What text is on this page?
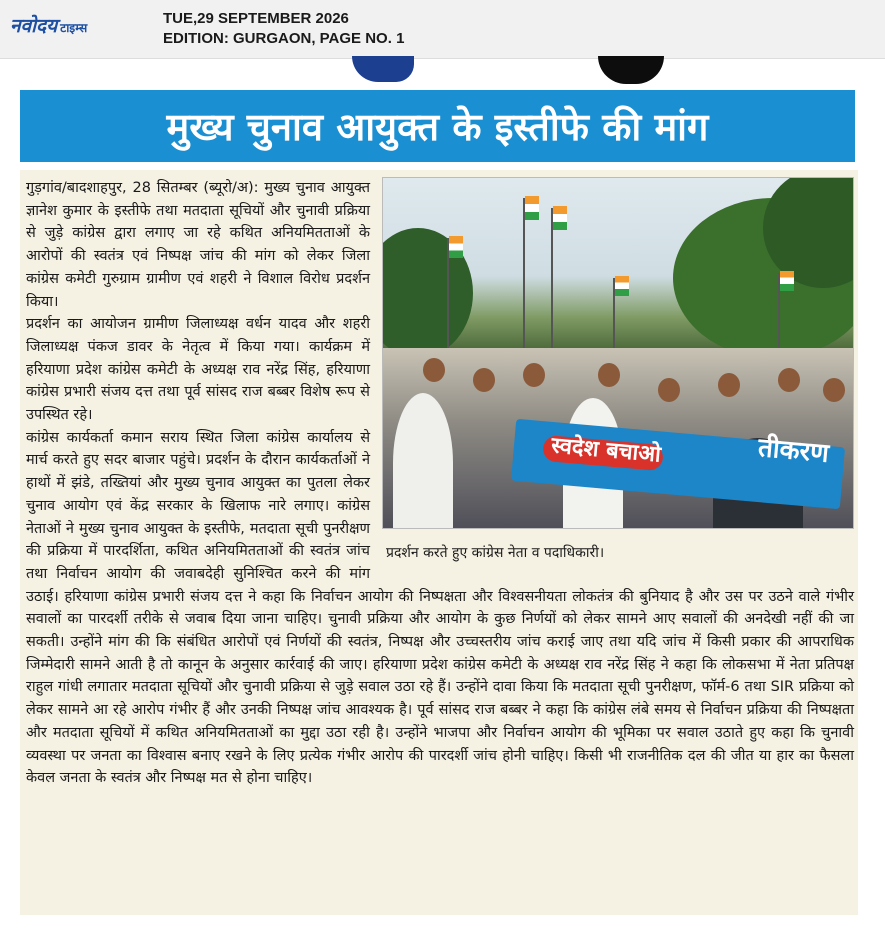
नवोदय टाइम्स
TUE,29 SEPTEMBER 2026
EDITION: GURGAON, PAGE NO. 1
मुख्य चुनाव आयुक्त के इस्तीफे की मांग
स्वदेश बचाओ	तीकरण
प्रदर्शन करते हुए कांग्रेस नेता व पदाधिकारी।

गुड़गांव/बादशाहपुर, 28 सितम्बर (ब्यूरो/अ): मुख्य चुनाव आयुक्त ज्ञानेश कुमार के इस्तीफे तथा मतदाता सूचियों और चुनावी प्रक्रिया से जुड़े कांग्रेस द्वारा लगाए जा रहे कथित अनियमितताओं के आरोपों की स्वतंत्र एवं निष्पक्ष जांच की मांग को लेकर जिला कांग्रेस कमेटी गुरुग्राम ग्रामीण एवं शहरी ने विशाल विरोध प्रदर्शन किया।

प्रदर्शन का आयोजन ग्रामीण जिलाध्यक्ष वर्धन यादव और शहरी जिलाध्यक्ष पंकज डावर के नेतृत्व में किया गया। कार्यक्रम में हरियाणा प्रदेश कांग्रेस कमेटी के अध्यक्ष राव नरेंद्र सिंह, हरियाणा कांग्रेस प्रभारी संजय दत्त तथा पूर्व सांसद राज बब्बर विशेष रूप से उपस्थित रहे।

कांग्रेस कार्यकर्ता कमान सराय स्थित जिला कांग्रेस कार्यालय से मार्च करते हुए सदर बाजार पहुंचे। प्रदर्शन के दौरान कार्यकर्ताओं ने हाथों में झंडे, तख्तियां और मुख्य चुनाव आयुक्त का पुतला लेकर चुनाव आयोग एवं केंद्र सरकार के खिलाफ नारे लगाए। कांग्रेस नेताओं ने मुख्य चुनाव आयुक्त के इस्तीफे, मतदाता सूची पुनरीक्षण की प्रक्रिया में पारदर्शिता, कथित अनियमितताओं की स्वतंत्र जांच तथा निर्वाचन आयोग की जवाबदेही सुनिश्चित करने की मांग उठाई। हरियाणा कांग्रेस प्रभारी संजय दत्त ने कहा कि निर्वाचन आयोग की निष्पक्षता और विश्वसनीयता लोकतंत्र की बुनियाद है और उस पर उठने वाले गंभीर सवालों का पारदर्शी तरीके से जवाब दिया जाना चाहिए। चुनावी प्रक्रिया और आयोग के कुछ निर्णयों को लेकर सामने आए सवालों की अनदेखी नहीं की जा सकती। उन्होंने मांग की कि संबंधित आरोपों एवं निर्णयों की स्वतंत्र, निष्पक्ष और उच्चस्तरीय जांच कराई जाए तथा यदि जांच में किसी प्रकार की आपराधिक जिम्मेदारी सामने आती है तो कानून के अनुसार कार्रवाई की जाए। हरियाणा प्रदेश कांग्रेस कमेटी के अध्यक्ष राव नरेंद्र सिंह ने कहा कि लोकसभा में नेता प्रतिपक्ष राहुल गांधी लगातार मतदाता सूचियों और चुनावी प्रक्रिया से जुड़े सवाल उठा रहे हैं। उन्होंने दावा किया कि मतदाता सूची पुनरीक्षण, फॉर्म-6 तथा SIR प्रक्रिया को लेकर सामने आ रहे आरोप गंभीर हैं और उनकी निष्पक्ष जांच आवश्यक है। पूर्व सांसद राज बब्बर ने कहा कि कांग्रेस लंबे समय से निर्वाचन प्रक्रिया की निष्पक्षता और मतदाता सूचियों में कथित अनियमितताओं का मुद्दा उठा रही है। उन्होंने भाजपा और निर्वाचन आयोग की भूमिका पर सवाल उठाते हुए कहा कि चुनावी व्यवस्था पर जनता का विश्वास बनाए रखने के लिए प्रत्येक गंभीर आरोप की पारदर्शी जांच होनी चाहिए। किसी भी राजनीतिक दल की जीत या हार का फैसला केवल जनता के स्वतंत्र और निष्पक्ष मत से होना चाहिए।
